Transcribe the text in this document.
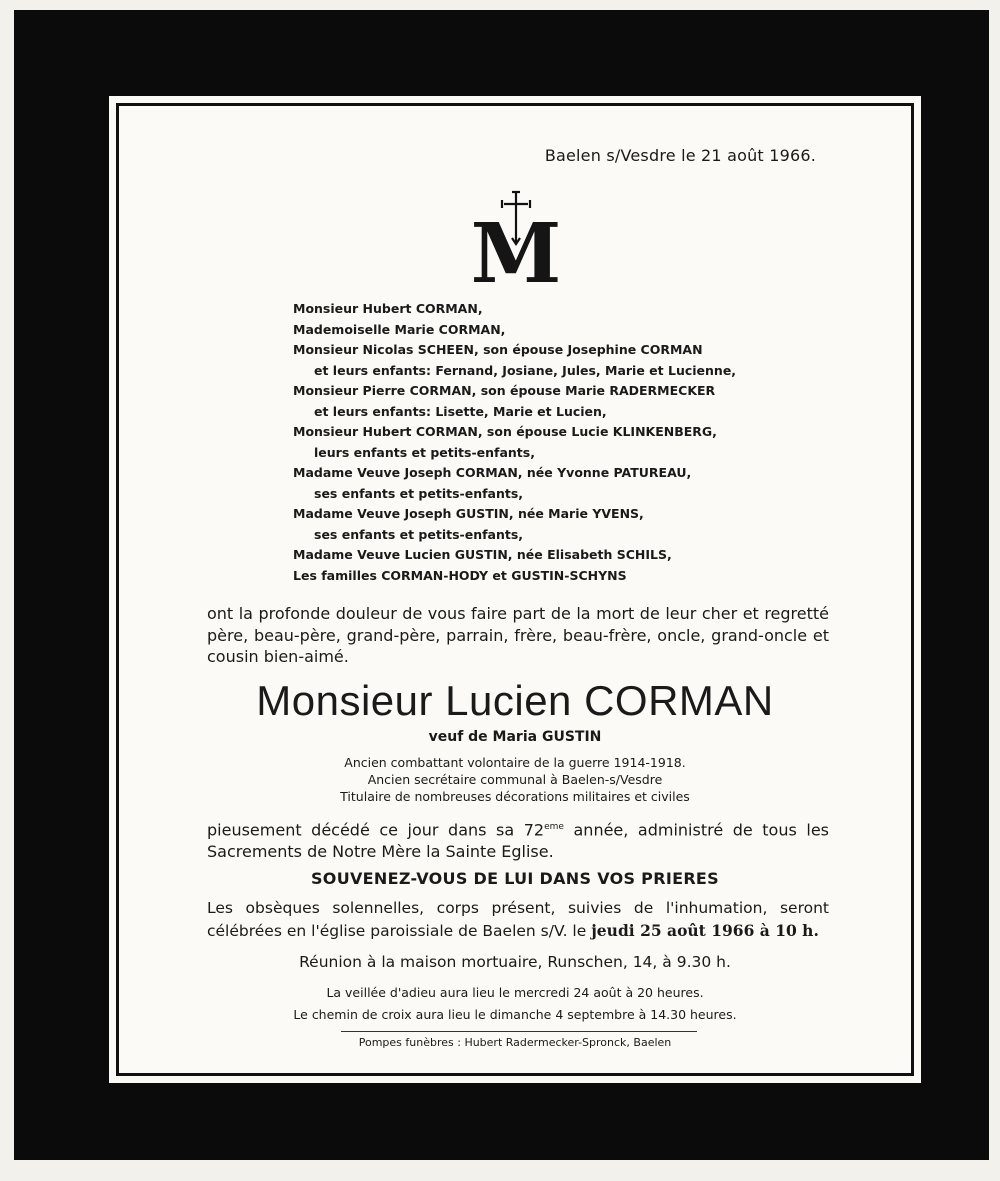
Baelen s/Vesdre le 21 août 1966.
M
Monsieur Hubert CORMAN,
Mademoiselle Marie CORMAN,
Monsieur Nicolas SCHEEN, son épouse Josephine CORMAN
et leurs enfants: Fernand, Josiane, Jules, Marie et Lucienne,
Monsieur Pierre CORMAN, son épouse Marie RADERMECKER
et leurs enfants: Lisette, Marie et Lucien,
Monsieur Hubert CORMAN, son épouse Lucie KLINKENBERG,
leurs enfants et petits-enfants,
Madame Veuve Joseph CORMAN, née Yvonne PATUREAU,
ses enfants et petits-enfants,
Madame Veuve Joseph GUSTIN, née Marie YVENS,
ses enfants et petits-enfants,
Madame Veuve Lucien GUSTIN, née Elisabeth SCHILS,
Les familles CORMAN-HODY et GUSTIN-SCHYNS
ont la profonde douleur de vous faire part de la mort de leur cher et regretté père, beau-père, grand-père, parrain, frère, beau-frère, oncle, grand-oncle et cousin bien-aimé.
Monsieur Lucien CORMAN
veuf de Maria GUSTIN
Ancien combattant volontaire de la guerre 1914-1918.
Ancien secrétaire communal à Baelen-s/Vesdre
Titulaire de nombreuses décorations militaires et civiles
pieusement décédé ce jour dans sa 72eme année, administré de tous les Sacrements de Notre Mère la Sainte Eglise.
SOUVENEZ-VOUS DE LUI DANS VOS PRIERES
Les obsèques solennelles, corps présent, suivies de l'inhumation, seront célébrées en l'église paroissiale de Baelen s/V. le jeudi 25 août 1966 à 10 h.
Réunion à la maison mortuaire, Runschen, 14, à 9.30 h.
La veillée d'adieu aura lieu le mercredi 24 août à 20 heures.
Le chemin de croix aura lieu le dimanche 4 septembre à 14.30 heures.
Pompes funèbres : Hubert Radermecker-Spronck, Baelen
